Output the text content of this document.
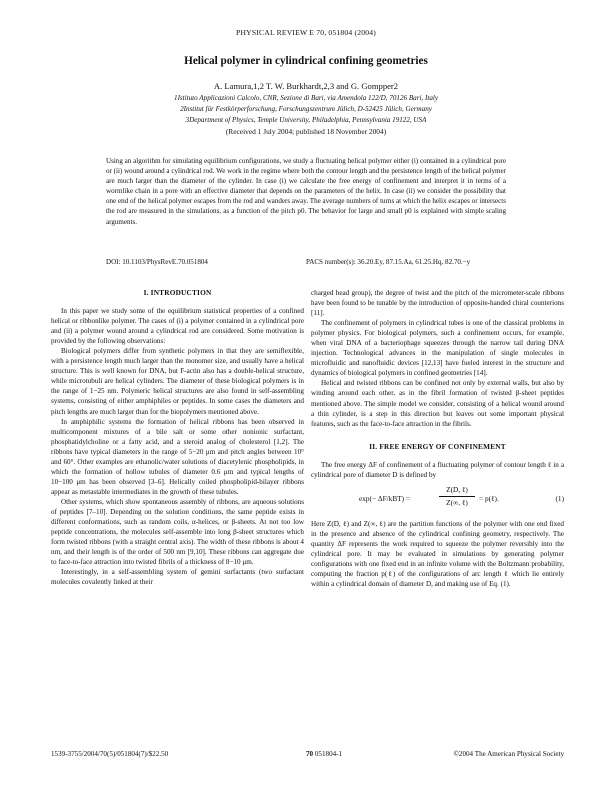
PHYSICAL REVIEW E 70, 051804 (2004)
Helical polymer in cylindrical confining geometries
A. Lamura,1,2 T. W. Burkhardt,2,3 and G. Gompper2
1Istituto Applicazioni Calcolo, CNR, Sezione di Bari, via Amendola 122/D, 70126 Bari, Italy
2Institut für Festkörperforschung, Forschungszentrum Jülich, D-52425 Jülich, Germany
3Department of Physics, Temple University, Philadelphia, Pennsylvania 19122, USA
(Received 1 July 2004; published 18 November 2004)
Using an algorithm for simulating equilibrium configurations, we study a fluctuating helical polymer either (i) contained in a cylindrical pore or (ii) wound around a cylindrical rod. We work in the regime where both the contour length and the persistence length of the helical polymer are much larger than the diameter of the cylinder. In case (i) we calculate the free energy of confinement and interpret it in terms of a wormlike chain in a pore with an effective diameter that depends on the parameters of the helix. In case (ii) we consider the possibility that one end of the helical polymer escapes from the rod and wanders away. The average numbers of turns at which the helix escapes or intersects the rod are measured in the simulations, as a function of the pitch p0. The behavior for large and small p0 is explained with simple scaling arguments.
DOI: 10.1103/PhysRevE.70.051804	PACS number(s): 36.20.Ey, 87.15.Aa, 61.25.Hq, 82.70.−y
I. INTRODUCTION

In this paper we study some of the equilibrium statistical properties of a confined helical or ribbonlike polymer. The cases of (i) a polymer contained in a cylindrical pore and (ii) a polymer wound around a cylindrical rod are considered. Some motivation is provided by the following observations:

Biological polymers differ from synthetic polymers in that they are semiflexible, with a persistence length much larger than the monomer size, and usually have a helical structure. This is well known for DNA, but F-actin also has a double-helical structure, while microtubuli are helical cylinders. The diameter of these biological polymers is in the range of 1−25 nm. Polymeric helical structures are also found in self-assembling systems, consisting of either amphiphiles or peptides. In some cases the diameters and pitch lengths are much larger than for the biopolymers mentioned above.

In amphiphilic systems the formation of helical ribbons has been observed in multicomponent mixtures of a bile salt or some other nonionic surfactant, phosphatidylcholine or a fatty acid, and a steroid analog of cholesterol [1,2]. The ribbons have typical diameters in the range of 5−20 μm and pitch angles between 10° and 60°. Other examples are ethanolic/water solutions of diacetylenic phospholipids, in which the formation of hollow tubules of diameter 0.6 μm and typical lengths of 10−100 μm has been observed [3–6]. Helically coiled phospholipid-bilayer ribbons appear as metastable intermediates in the growth of these tubules.

Other systems, which show spontaneous assembly of ribbons, are aqueous solutions of peptides [7–10]. Depending on the solution conditions, the same peptide exists in different conformations, such as random coils, α-helices, or β-sheets. At not too low peptide concentrations, the molecules self-assemble into long β-sheet structures which form twisted ribbons (with a straight central axis). The width of these ribbons is about 4 nm, and their length is of the order of 500 nm [9,10]. These ribbons can aggregate due to face-to-face attraction into twisted fibrils of a thickness of 8−10 μm.

Interestingly, in a self-assembling system of gemini surfactants (two surfactant molecules covalently linked at their

charged head group), the degree of twist and the pitch of the micrometer-scale ribbons have been found to be tunable by the introduction of opposite-handed chiral counterions [11].

The confinement of polymers in cylindrical tubes is one of the classical problems in polymer physics. For biological polymers, such a confinement occurs, for example, when viral DNA of a bacteriophage squeezes through the narrow tail during DNA injection. Technological advances in the manipulation of single molecules in microfluidic and nanofluidic devices [12,13] have fueled interest in the structure and dynamics of biological polymers in confined geometries [14].

Helical and twisted ribbons can be confined not only by external walls, but also by winding around each other, as in the fibril formation of twisted β-sheet peptides mentioned above. The simple model we consider, consisting of a helical wound around a thin cylinder, is a step in this direction but leaves out some important physical features, such as the face-to-face attraction in the fibrils.

II. FREE ENERGY OF CONFINEMENT

The free energy ΔF of confinement of a fluctuating polymer of contour length ℓ in a cylindrical pore of diameter D is defined by

exp(− ΔF/kBT) =
Z(D, ℓ)
Z(∞, ℓ)	= p(ℓ).	(1)

Here Z(D, ℓ) and Z(∞, ℓ) are the partition functions of the polymer with one end fixed in the presence and absence of the cylindrical confining geometry, respectively. The quantity ΔF represents the work required to squeeze the polymer reversibly into the cylindrical pore. It may be evaluated in simulations by generating polymer configurations with one fixed end in an infinite volume with the Boltzmann probability, computing the fraction p(ℓ) of the configurations of arc length ℓ which lie entirely within a cylindrical domain of diameter D, and making use of Eq. (1).

1539-3755/2004/70(5)/051804(7)/$22.50	70 051804-1	©2004 The American Physical Society
